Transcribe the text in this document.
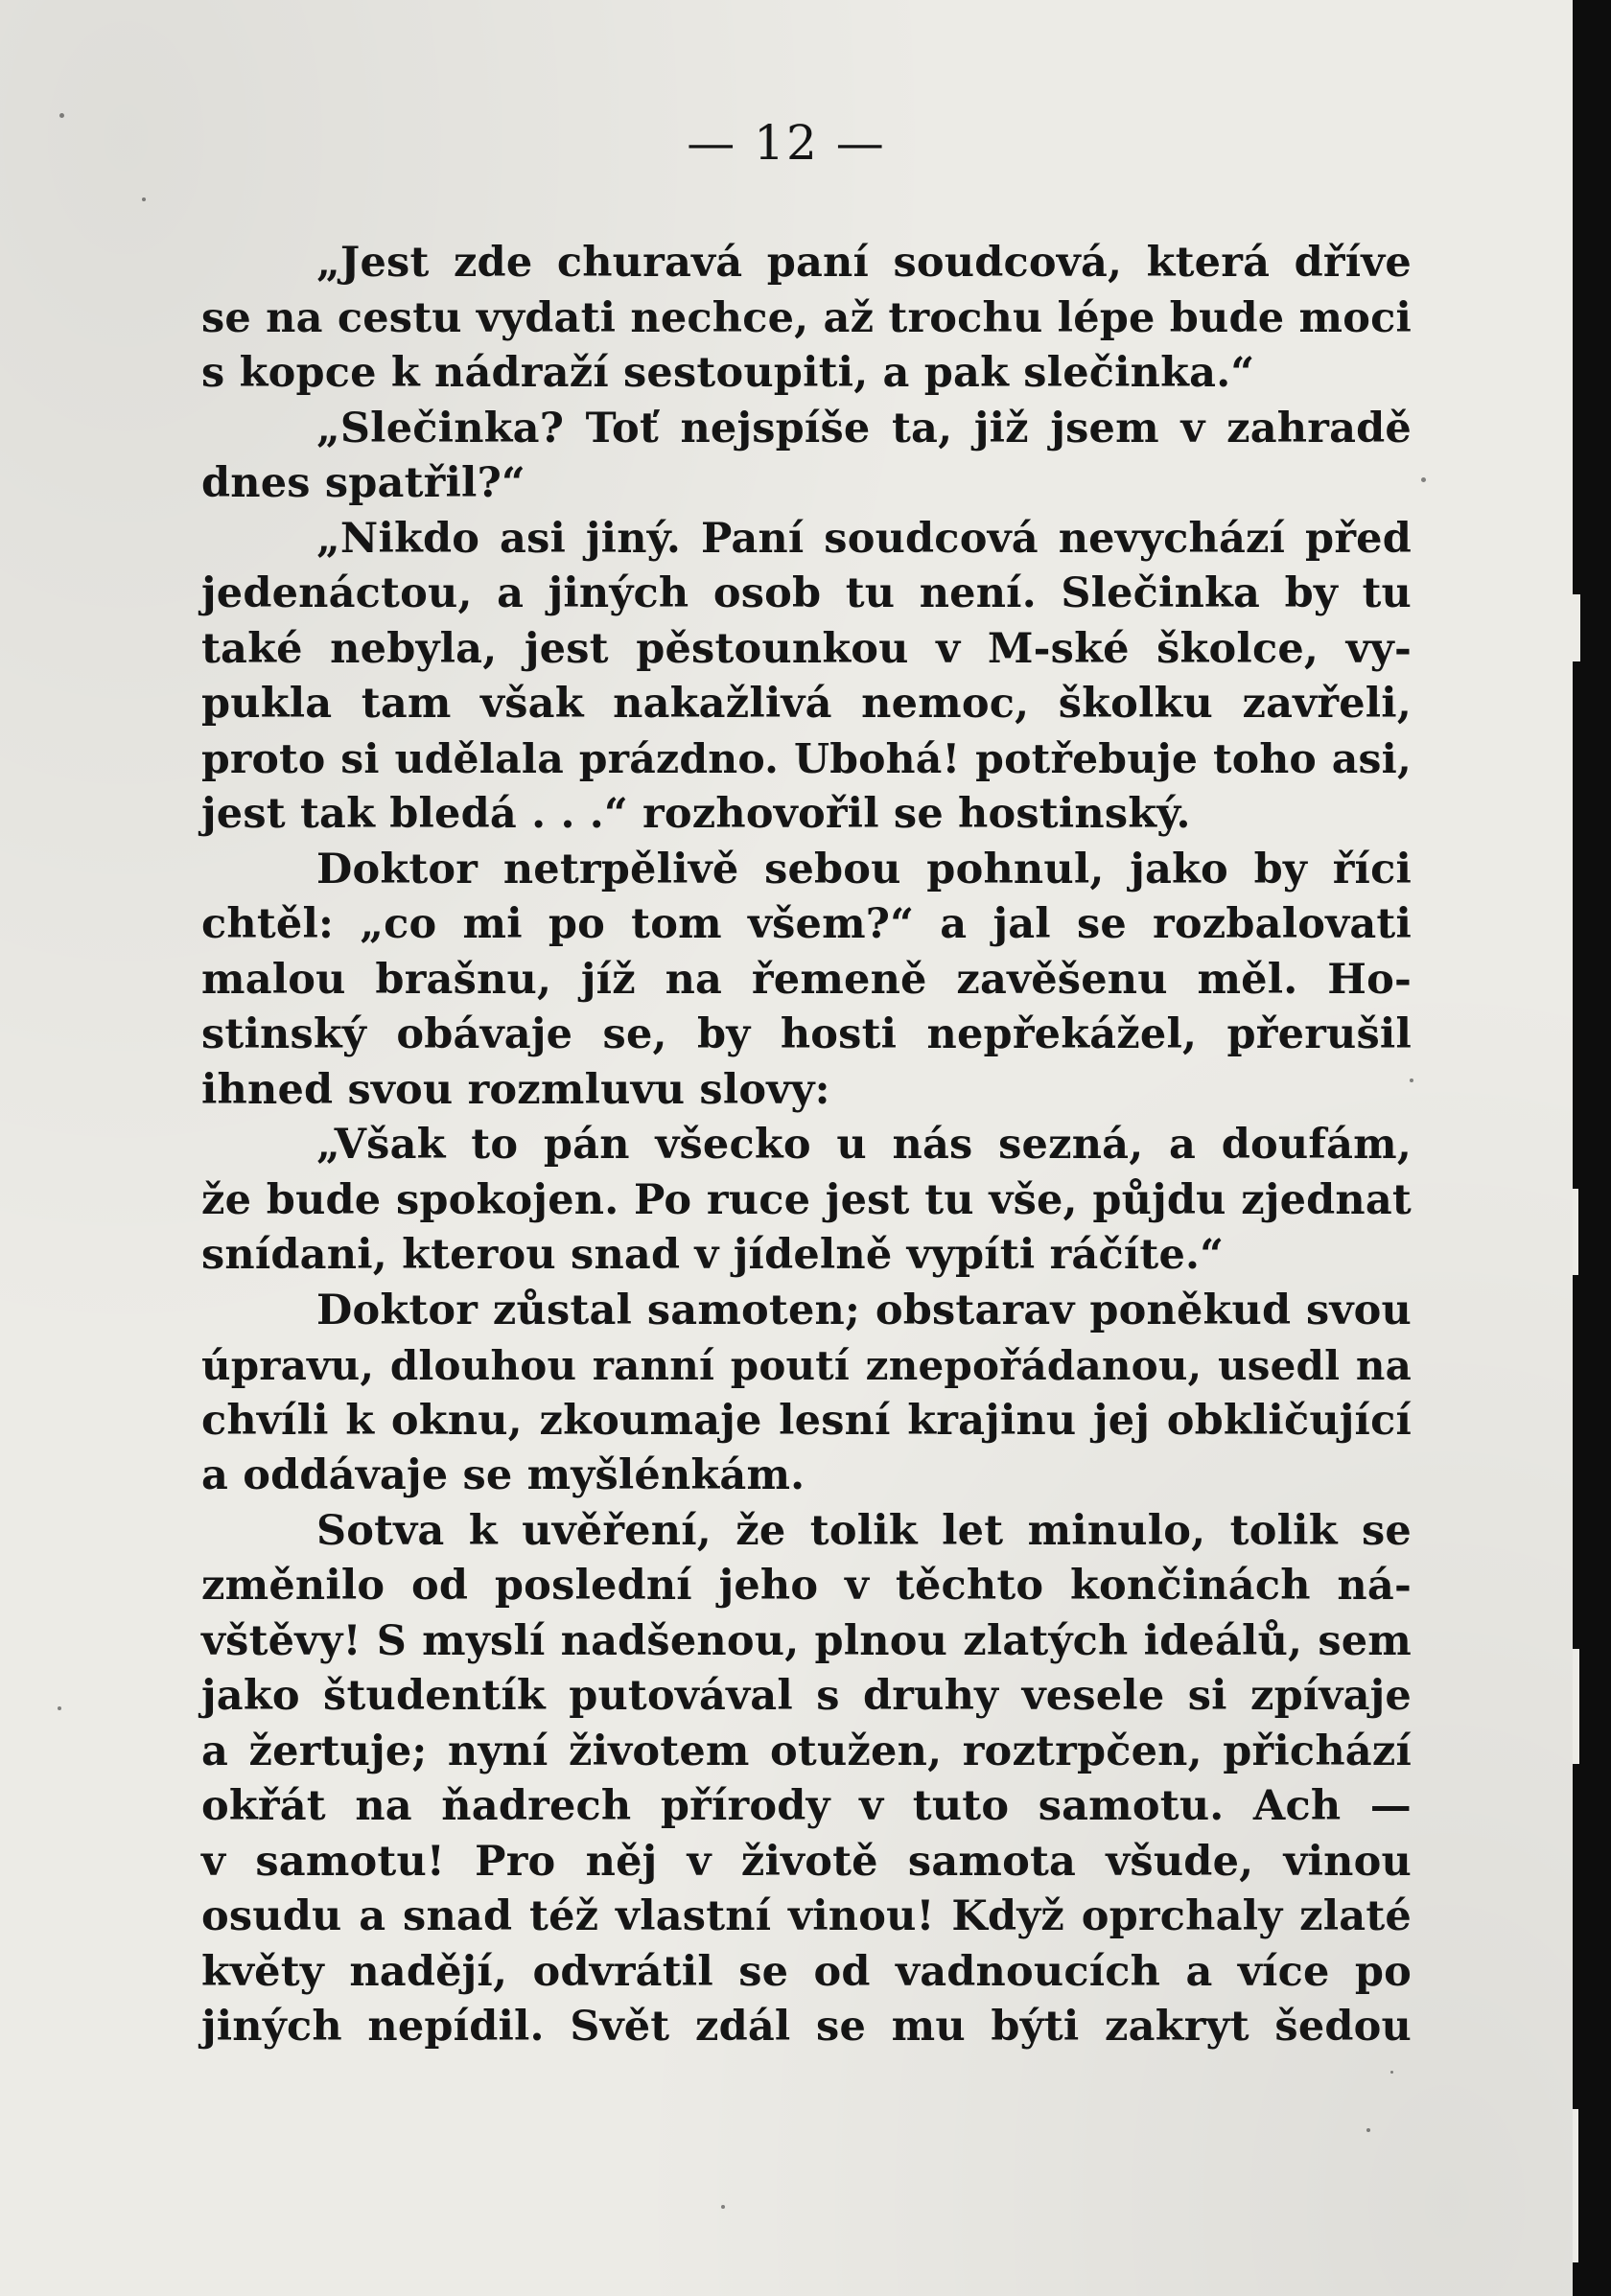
— 12 —
„Jest zde churavá paní soudcová, která dříve
se na cestu vydati nechce, až trochu lépe bude moci
s kopce k nádraží sestoupiti, a pak slečinka.“
„Slečinka? Toť nejspíše ta, již jsem v zahradě
dnes spatřil?“
„Nikdo asi jiný. Paní soudcová nevychází před
jedenáctou, a jiných osob tu není. Slečinka by tu
také nebyla, jest pěstounkou v M-ské školce, vy-
pukla tam však nakažlivá nemoc, školku zavřeli,
proto si udělala prázdno. Ubohá! potřebuje toho asi,
jest tak bledá . . .“ rozhovořil se hostinský.
Doktor netrpělivě sebou pohnul, jako by říci
chtěl: „co mi po tom všem?“ a jal se rozbalovati
malou brašnu, jíž na řemeně zavěšenu měl. Ho-
stinský obávaje se, by hosti nepřekážel, přerušil
ihned svou rozmluvu slovy:
„Však to pán všecko u nás sezná, a doufám,
že bude spokojen. Po ruce jest tu vše, půjdu zjednat
snídani, kterou snad v jídelně vypíti ráčíte.“
Doktor zůstal samoten; obstarav poněkud svou
úpravu, dlouhou ranní poutí znepořádanou, usedl na
chvíli k oknu, zkoumaje lesní krajinu jej obkličující
a oddávaje se myšlénkám.
Sotva k uvěření, že tolik let minulo, tolik se
změnilo od poslední jeho v těchto končinách ná-
vštěvy! S myslí nadšenou, plnou zlatých ideálů, sem
jako študentík putovával s druhy vesele si zpívaje
a žertuje; nyní životem otužen, roztrpčen, přichází
okřát na ňadrech přírody v tuto samotu. Ach —
v samotu! Pro něj v životě samota všude, vinou
osudu a snad též vlastní vinou! Když oprchaly zlaté
květy nadějí, odvrátil se od vadnoucích a více po
jiných nepídil. Svět zdál se mu býti zakryt šedou
